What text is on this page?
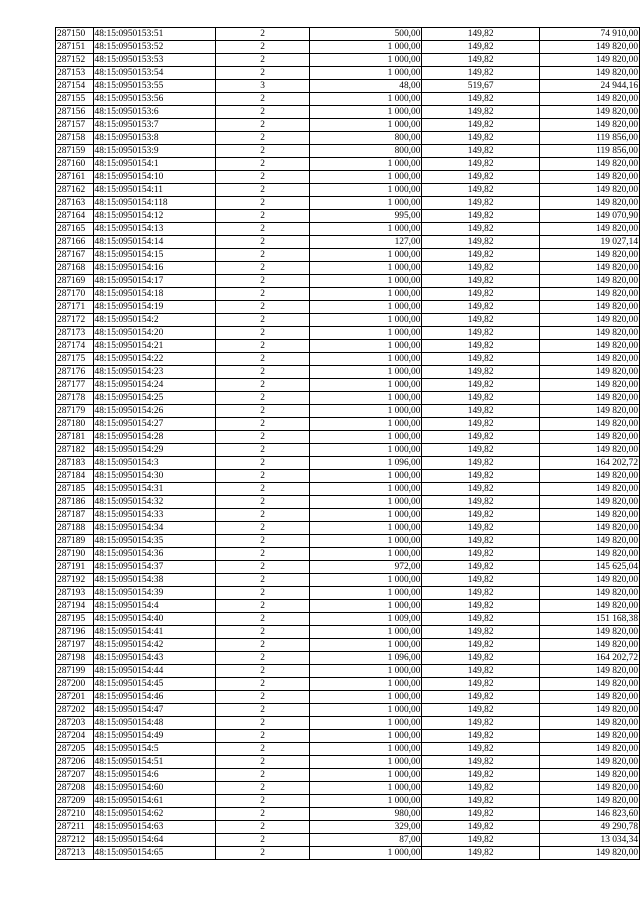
287150	48:15:0950153:51	2	500,00	149,82	74 910,00
287151	48:15:0950153:52	2	1 000,00	149,82	149 820,00
287152	48:15:0950153:53	2	1 000,00	149,82	149 820,00
287153	48:15:0950153:54	2	1 000,00	149,82	149 820,00
287154	48:15:0950153:55	3	48,00	519,67	24 944,16
287155	48:15:0950153:56	2	1 000,00	149,82	149 820,00
287156	48:15:0950153:6	2	1 000,00	149,82	149 820,00
287157	48:15:0950153:7	2	1 000,00	149,82	149 820,00
287158	48:15:0950153:8	2	800,00	149,82	119 856,00
287159	48:15:0950153:9	2	800,00	149,82	119 856,00
287160	48:15:0950154:1	2	1 000,00	149,82	149 820,00
287161	48:15:0950154:10	2	1 000,00	149,82	149 820,00
287162	48:15:0950154:11	2	1 000,00	149,82	149 820,00
287163	48:15:0950154:118	2	1 000,00	149,82	149 820,00
287164	48:15:0950154:12	2	995,00	149,82	149 070,90
287165	48:15:0950154:13	2	1 000,00	149,82	149 820,00
287166	48:15:0950154:14	2	127,00	149,82	19 027,14
287167	48:15:0950154:15	2	1 000,00	149,82	149 820,00
287168	48:15:0950154:16	2	1 000,00	149,82	149 820,00
287169	48:15:0950154:17	2	1 000,00	149,82	149 820,00
287170	48:15:0950154:18	2	1 000,00	149,82	149 820,00
287171	48:15:0950154:19	2	1 000,00	149,82	149 820,00
287172	48:15:0950154:2	2	1 000,00	149,82	149 820,00
287173	48:15:0950154:20	2	1 000,00	149,82	149 820,00
287174	48:15:0950154:21	2	1 000,00	149,82	149 820,00
287175	48:15:0950154:22	2	1 000,00	149,82	149 820,00
287176	48:15:0950154:23	2	1 000,00	149,82	149 820,00
287177	48:15:0950154:24	2	1 000,00	149,82	149 820,00
287178	48:15:0950154:25	2	1 000,00	149,82	149 820,00
287179	48:15:0950154:26	2	1 000,00	149,82	149 820,00
287180	48:15:0950154:27	2	1 000,00	149,82	149 820,00
287181	48:15:0950154:28	2	1 000,00	149,82	149 820,00
287182	48:15:0950154:29	2	1 000,00	149,82	149 820,00
287183	48:15:0950154:3	2	1 096,00	149,82	164 202,72
287184	48:15:0950154:30	2	1 000,00	149,82	149 820,00
287185	48:15:0950154:31	2	1 000,00	149,82	149 820,00
287186	48:15:0950154:32	2	1 000,00	149,82	149 820,00
287187	48:15:0950154:33	2	1 000,00	149,82	149 820,00
287188	48:15:0950154:34	2	1 000,00	149,82	149 820,00
287189	48:15:0950154:35	2	1 000,00	149,82	149 820,00
287190	48:15:0950154:36	2	1 000,00	149,82	149 820,00
287191	48:15:0950154:37	2	972,00	149,82	145 625,04
287192	48:15:0950154:38	2	1 000,00	149,82	149 820,00
287193	48:15:0950154:39	2	1 000,00	149,82	149 820,00
287194	48:15:0950154:4	2	1 000,00	149,82	149 820,00
287195	48:15:0950154:40	2	1 009,00	149,82	151 168,38
287196	48:15:0950154:41	2	1 000,00	149,82	149 820,00
287197	48:15:0950154:42	2	1 000,00	149,82	149 820,00
287198	48:15:0950154:43	2	1 096,00	149,82	164 202,72
287199	48:15:0950154:44	2	1 000,00	149,82	149 820,00
287200	48:15:0950154:45	2	1 000,00	149,82	149 820,00
287201	48:15:0950154:46	2	1 000,00	149,82	149 820,00
287202	48:15:0950154:47	2	1 000,00	149,82	149 820,00
287203	48:15:0950154:48	2	1 000,00	149,82	149 820,00
287204	48:15:0950154:49	2	1 000,00	149,82	149 820,00
287205	48:15:0950154:5	2	1 000,00	149,82	149 820,00
287206	48:15:0950154:51	2	1 000,00	149,82	149 820,00
287207	48:15:0950154:6	2	1 000,00	149,82	149 820,00
287208	48:15:0950154:60	2	1 000,00	149,82	149 820,00
287209	48:15:0950154:61	2	1 000,00	149,82	149 820,00
287210	48:15:0950154:62	2	980,00	149,82	146 823,60
287211	48:15:0950154:63	2	329,00	149,82	49 290,78
287212	48:15:0950154:64	2	87,00	149,82	13 034,34
287213	48:15:0950154:65	2	1 000,00	149,82	149 820,00
